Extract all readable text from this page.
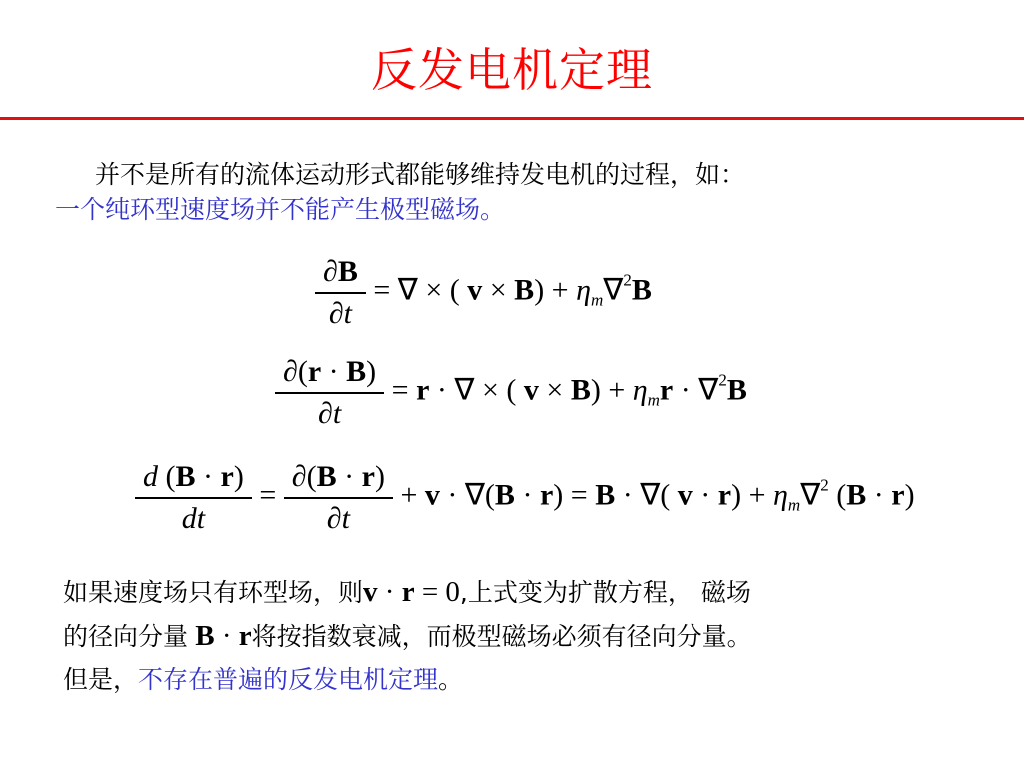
反发电机定理
并不是所有的流体运动形式都能够维持发电机的过程，如：
一个纯环型速度场并不能产生极型磁场。
$\frac{\partial B}{\partial t}$ = ∇ × ( $v \times B) + \eta_m\nabla^2B$
$\frac{\partial(r \cdot B)}{\partial t} = r$ · ∇ × ( $v \times B) + \eta_mr \cdot \nabla^2B$
$\frac{d (B \cdot r)}{dt} = \frac{\partial(B \cdot r)}{\partial t} + v \cdot \nabla(B \cdot r) = B$ · ∇( $v \cdot r) + \eta_m\nabla^2$ (B · r)
如果速度场只有环型场，则v · r = 0,上式变为扩散方程， 磁场
的径向分量 B · r将按指数衰减，而极型磁场必须有径向分量。
但是，不存在普遍的反发电机定理。
